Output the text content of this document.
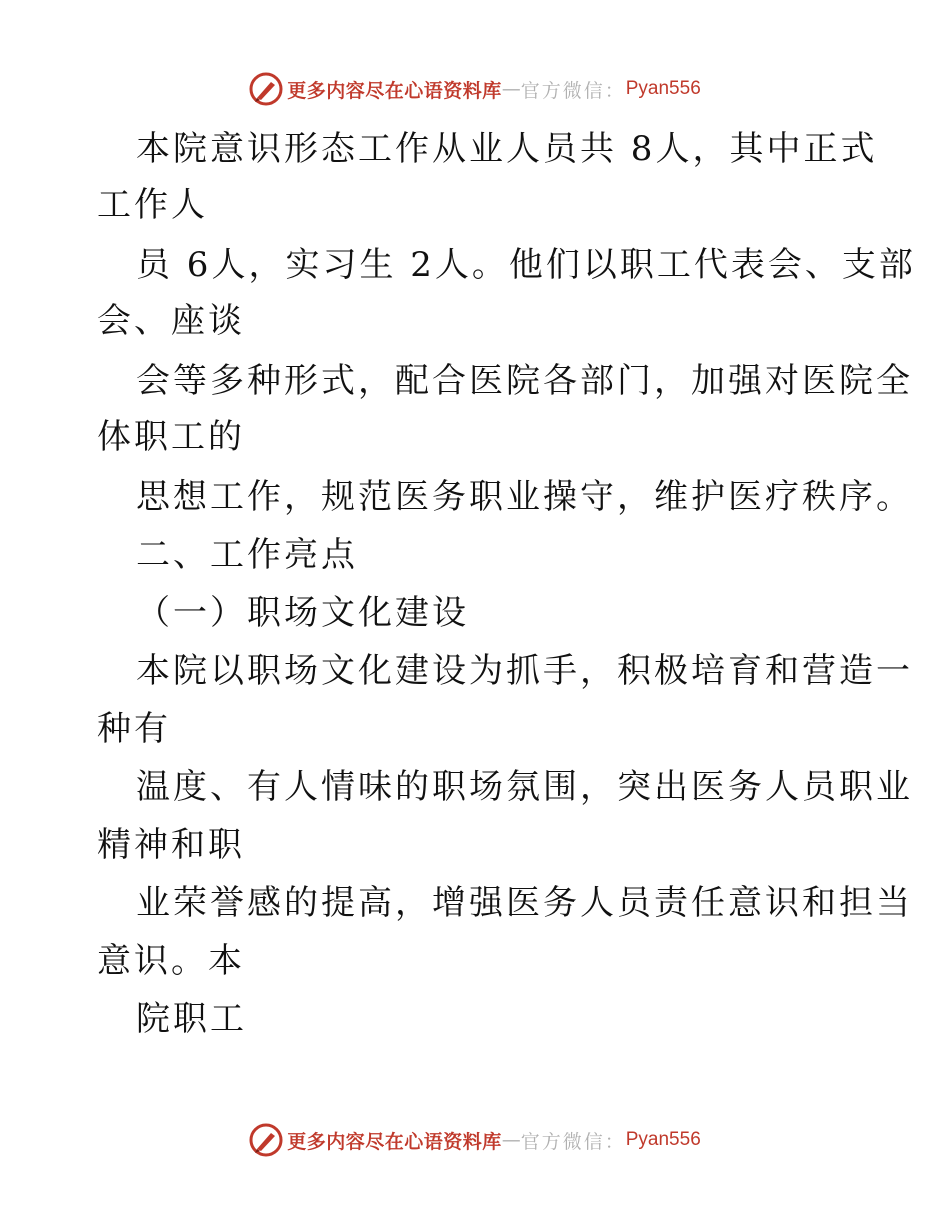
更多内容尽在心语资料库 — 官方微信： Pyan556
本院意识形态工作从业人员共 8人，其中正式
工作人
员 6人，实习生 2人。他们以职工代表会、支部
会、座谈
会等多种形式，配合医院各部门，加强对医院全
体职工的
思想工作，规范医务职业操守，维护医疗秩序。
二、工作亮点
（一）职场文化建设
本院以职场文化建设为抓手，积极培育和营造一
种有
温度、有人情味的职场氛围，突出医务人员职业
精神和职
业荣誉感的提高，增强医务人员责任意识和担当
意识。本
院职工
更多内容尽在心语资料库 — 官方微信： Pyan556
